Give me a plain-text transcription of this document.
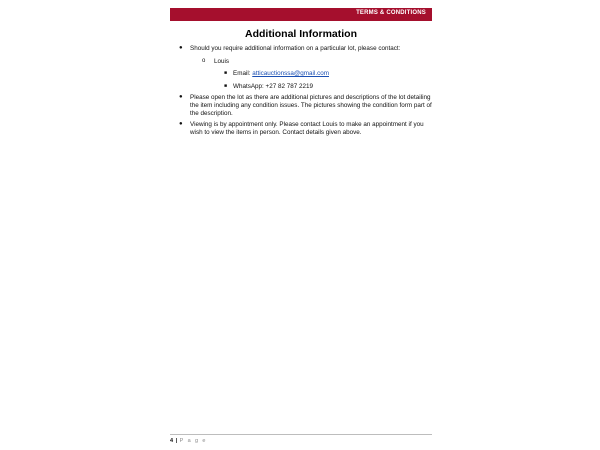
TERMS & CONDITIONS
Additional Information
● Should you require additional information on a particular lot, please contact:
o Louis
■ Email: atticauctionssa@gmail.com
■ WhatsApp: +27 82 787 2219
● Please open the lot as there are additional pictures and descriptions of the lot detailing the item including any condition issues. The pictures showing the condition form part of the description.
● Viewing is by appointment only. Please contact Louis to make an appointment if you wish to view the items in person. Contact details given above.
4 | P a g e
